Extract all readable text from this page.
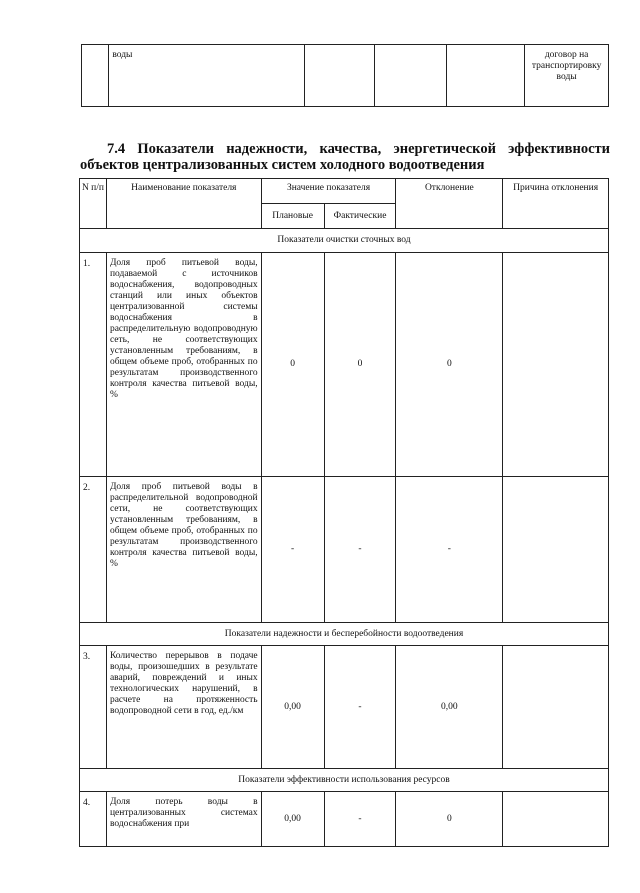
	воды				договор на транспортировку воды
7.4 Показатели надежности, качества, энергетической эффективности
объектов централизованных систем холодного водоотведения
N п/п	Наименование показателя	Значение показателя		Отклонение	Причина отклонения
		Плановые	Фактические		
Показатели очистки сточных вод					
1.	Доля проб питьевой воды, подаваемой с источников водоснабжения, водопроводных станций или иных объектов централизованной системы водоснабжения в распределительную водопроводную сеть, не соответствующих установленным требованиям, в общем объеме проб, отобранных по результатам производственного контроля качества питьевой воды, %	0	0	0	
2.	Доля проб питьевой воды в распределительной водопроводной сети, не соответствующих установленным требованиям, в общем объеме проб, отобранных по результатам производственного контроля качества питьевой воды, %	-	-	-	
Показатели надежности и бесперебойности водоотведения					
3.	Количество перерывов в подаче воды, произошедших в результате аварий, повреждений и иных технологических нарушений, в расчете на протяженность водопроводной сети в год, ед./км	0,00	-	0,00	
Показатели эффективности использования ресурсов					
4.	Доля потерь воды в централизованных системах водоснабжения при	0,00	-	0	
